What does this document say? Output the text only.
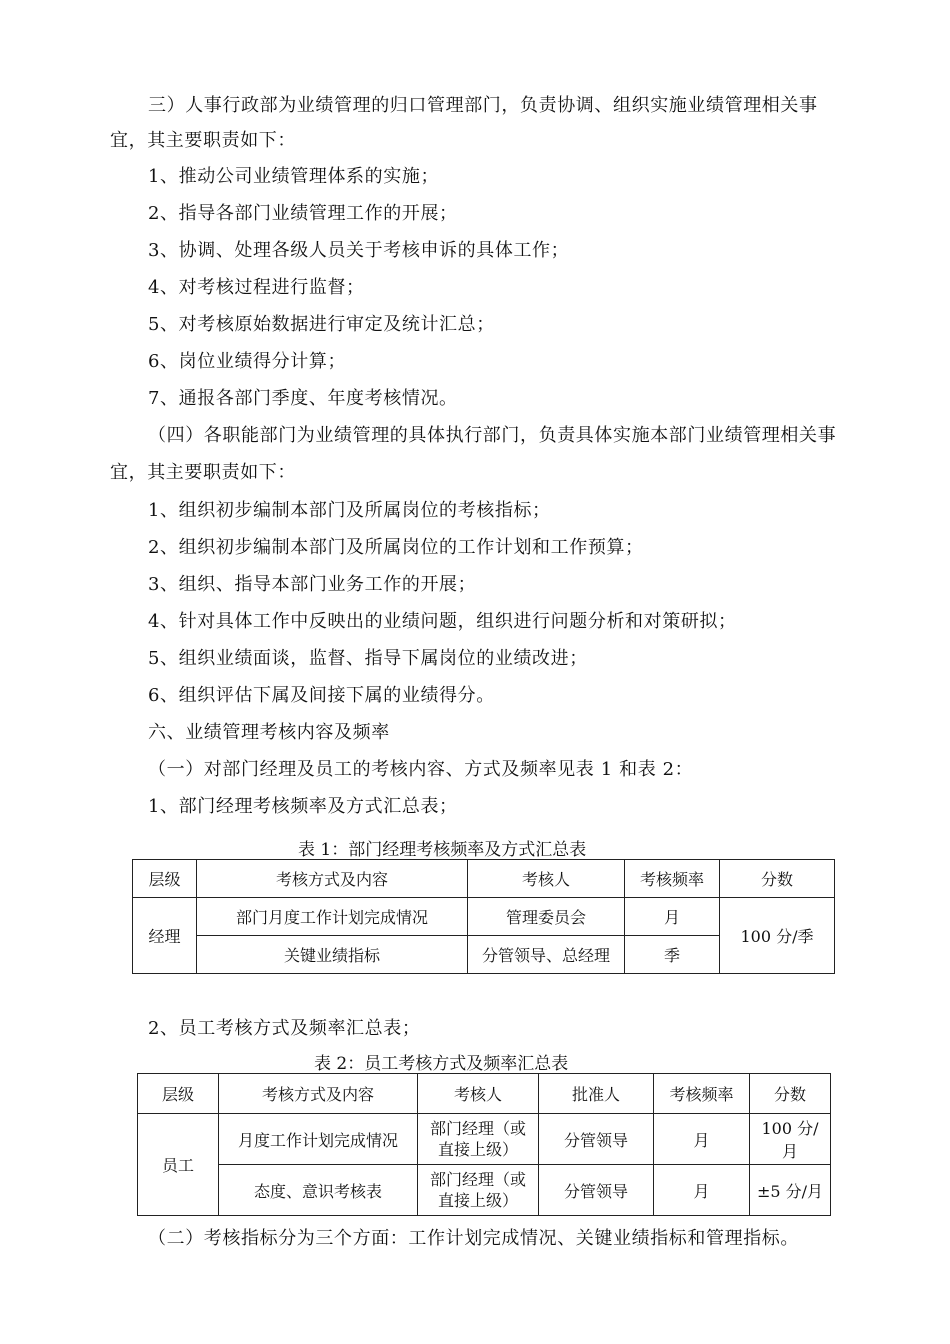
三）人事行政部为业绩管理的归口管理部门，负责协调、组织实施业绩管理相关事
宜，其主要职责如下：
1、推动公司业绩管理体系的实施；
2、指导各部门业绩管理工作的开展；
3、协调、处理各级人员关于考核申诉的具体工作；
4、对考核过程进行监督；
5、对考核原始数据进行审定及统计汇总；
6、岗位业绩得分计算；
7、通报各部门季度、年度考核情况。
（四）各职能部门为业绩管理的具体执行部门，负责具体实施本部门业绩管理相关事
宜，其主要职责如下：
1、组织初步编制本部门及所属岗位的考核指标；
2、组织初步编制本部门及所属岗位的工作计划和工作预算；
3、组织、指导本部门业务工作的开展；
4、针对具体工作中反映出的业绩问题，组织进行问题分析和对策研拟；
5、组织业绩面谈，监督、指导下属岗位的业绩改进；
6、组织评估下属及间接下属的业绩得分。
六、业绩管理考核内容及频率
（一）对部门经理及员工的考核内容、方式及频率见表 1 和表 2：
1、部门经理考核频率及方式汇总表；
表 1：部门经理考核频率及方式汇总表
层级	考核方式及内容	考核人	考核频率	分数
经理	部门月度工作计划完成情况	管理委员会	月	100 分/季
	关键业绩指标	分管领导、总经理	季	
2、员工考核方式及频率汇总表；
表 2：员工考核方式及频率汇总表
层级	考核方式及内容	考核人	批准人	考核频率	分数
员工	月度工作计划完成情况	部门经理（或
直接上级）	分管领导	月	100 分/月
	态度、意识考核表	部门经理（或
直接上级）	分管领导	月	±5 分/月
（二）考核指标分为三个方面：工作计划完成情况、关键业绩指标和管理指标。
